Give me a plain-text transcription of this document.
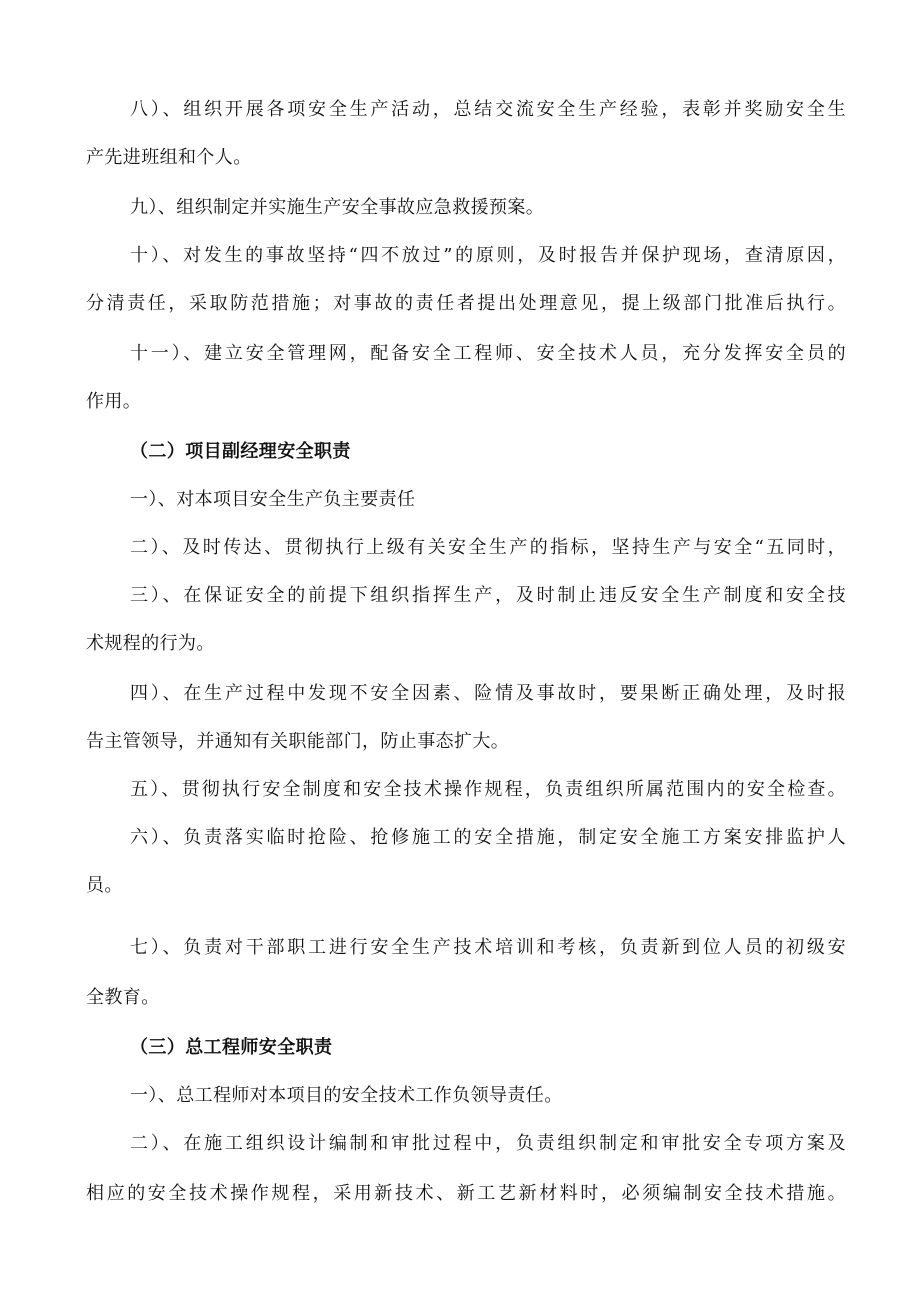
八）、组织开展各项安全生产活动，总结交流安全生产经验，表彰并奖励安全生
产先进班组和个人。
九）、组织制定并实施生产安全事故应急救援预案。
十）、对发生的事故坚持“四不放过”的原则，及时报告并保护现场，查清原因，
分清责任，采取防范措施；对事故的责任者提出处理意见，提上级部门批准后执行。
十一）、建立安全管理网，配备安全工程师、安全技术人员，充分发挥安全员的
作用。
（二）项目副经理安全职责
一）、对本项目安全生产负主要责任
二）、及时传达、贯彻执行上级有关安全生产的指标，坚持生产与安全“五同时，
三）、在保证安全的前提下组织指挥生产，及时制止违反安全生产制度和安全技
术规程的行为。
四）、在生产过程中发现不安全因素、险情及事故时，要果断正确处理，及时报
告主管领导，并通知有关职能部门，防止事态扩大。
五）、贯彻执行安全制度和安全技术操作规程，负责组织所属范围内的安全检查。
六）、负责落实临时抢险、抢修施工的安全措施，制定安全施工方案安排监护人
员。
七）、负责对干部职工进行安全生产技术培训和考核，负责新到位人员的初级安
全教育。
（三）总工程师安全职责
一）、总工程师对本项目的安全技术工作负领导责任。
二）、在施工组织设计编制和审批过程中，负责组织制定和审批安全专项方案及
相应的安全技术操作规程，采用新技术、新工艺新材料时，必须编制安全技术措施。
